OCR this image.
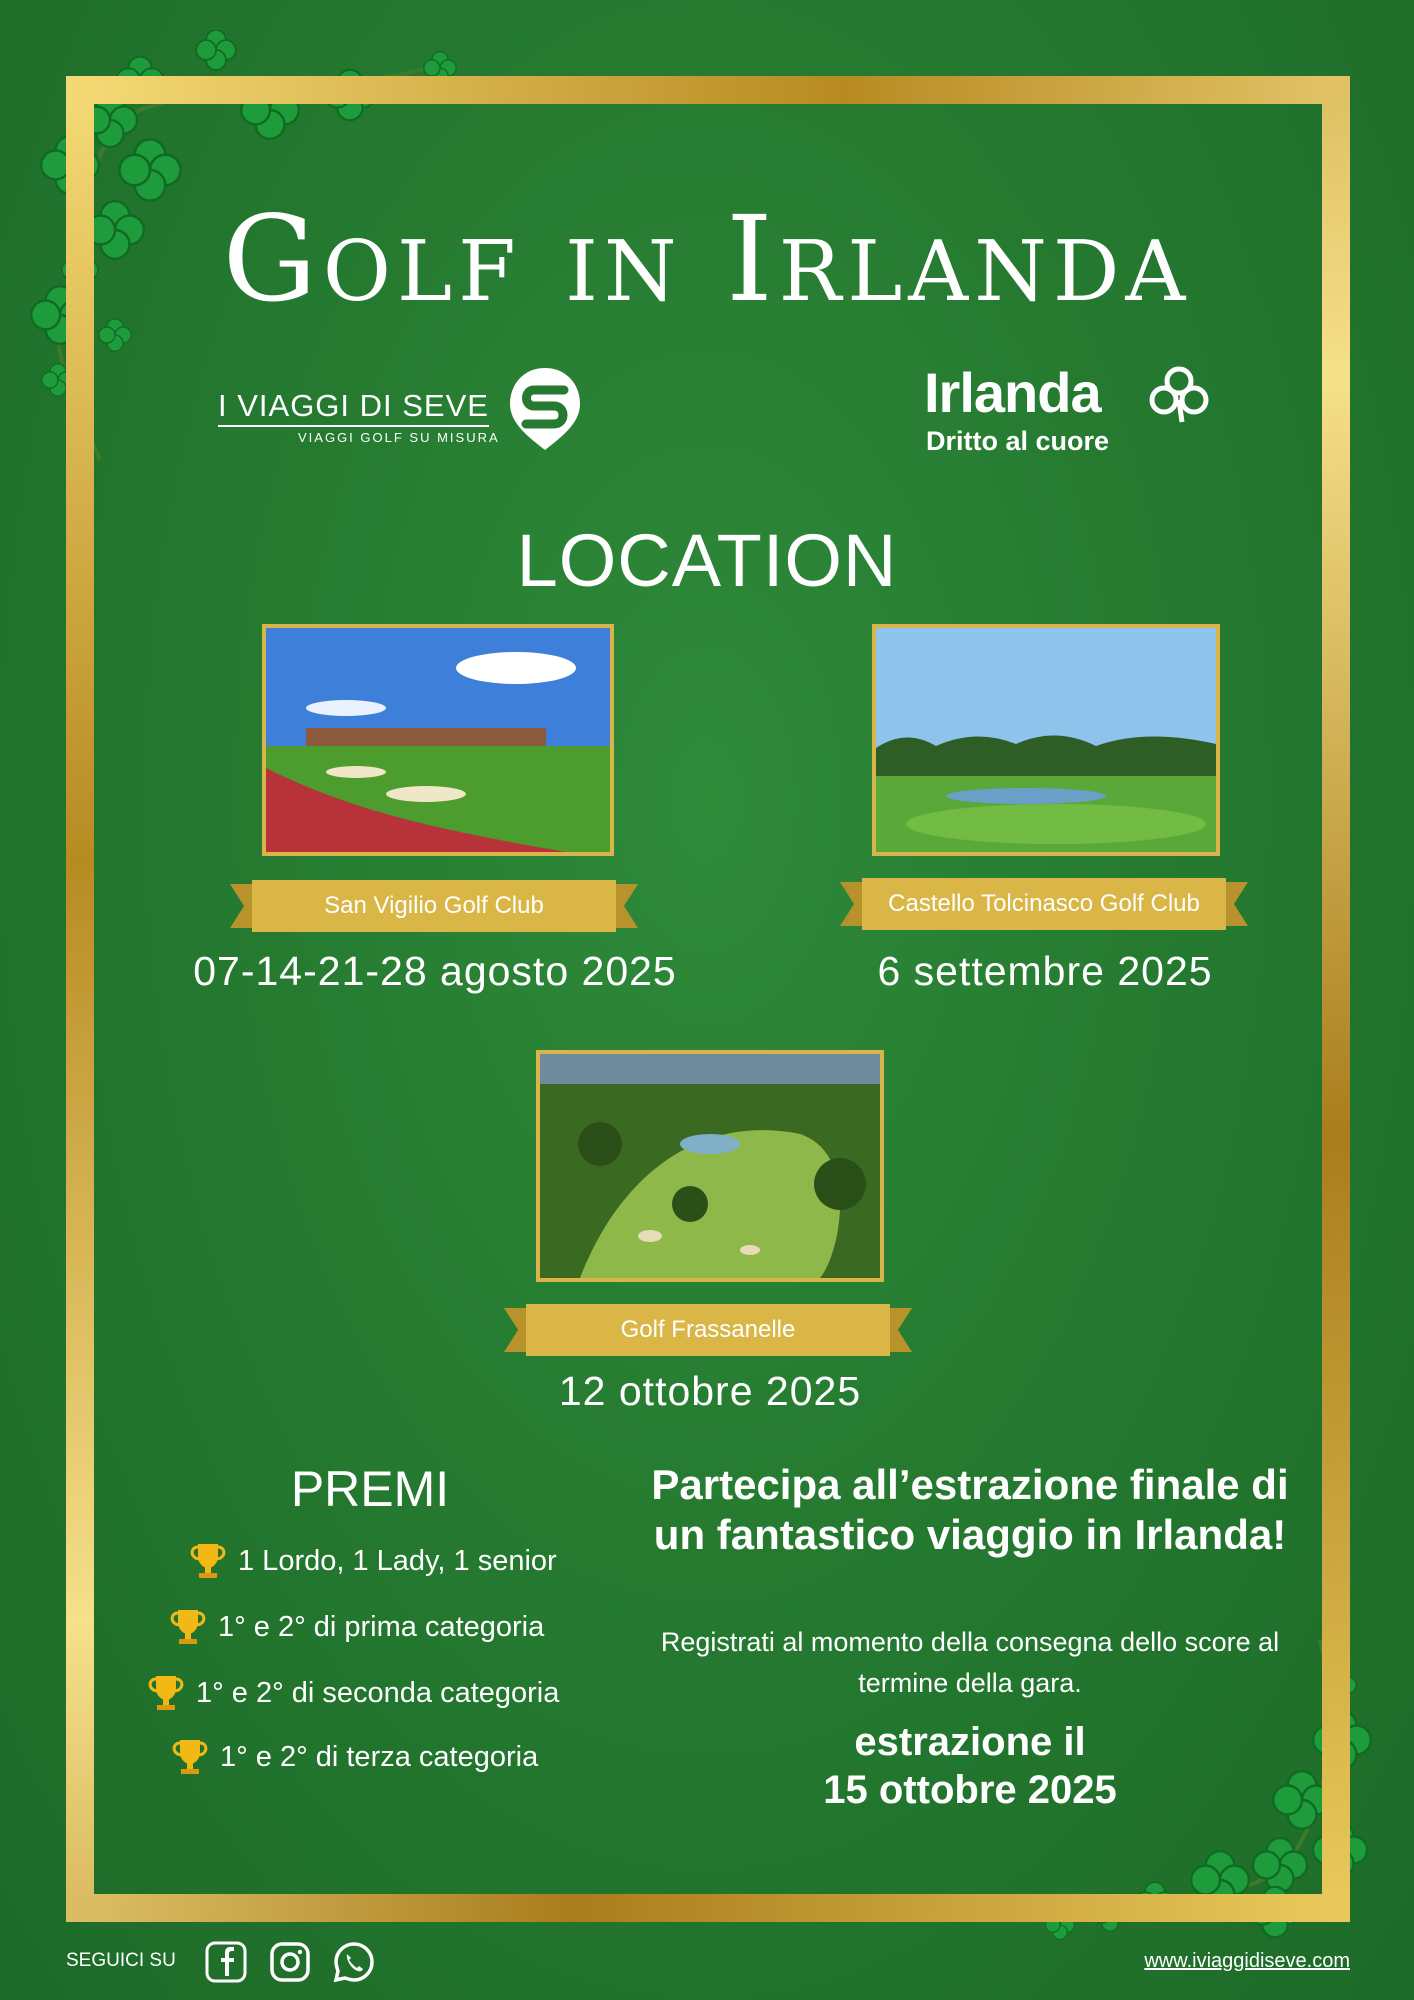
Golf in Irlanda
I VIAGGI DI SEVE
VIAGGI GOLF SU MISURA
Irlanda
Dritto al cuore
LOCATION
San Vigilio Golf Club
07-14-21-28 agosto 2025
Castello Tolcinasco Golf Club
6 settembre 2025
Golf Frassanelle
12 ottobre 2025
PREMI
1 Lordo, 1 Lady, 1 senior
1° e 2° di prima categoria
1° e 2° di seconda categoria
1° e 2° di terza categoria
Partecipa all’estrazione finale di un fantastico viaggio in Irlanda!
Registrati al momento della consegna dello score al termine della gara.
estrazione il
15 ottobre 2025
SEGUICI SU	www.iviaggidiseve.com
